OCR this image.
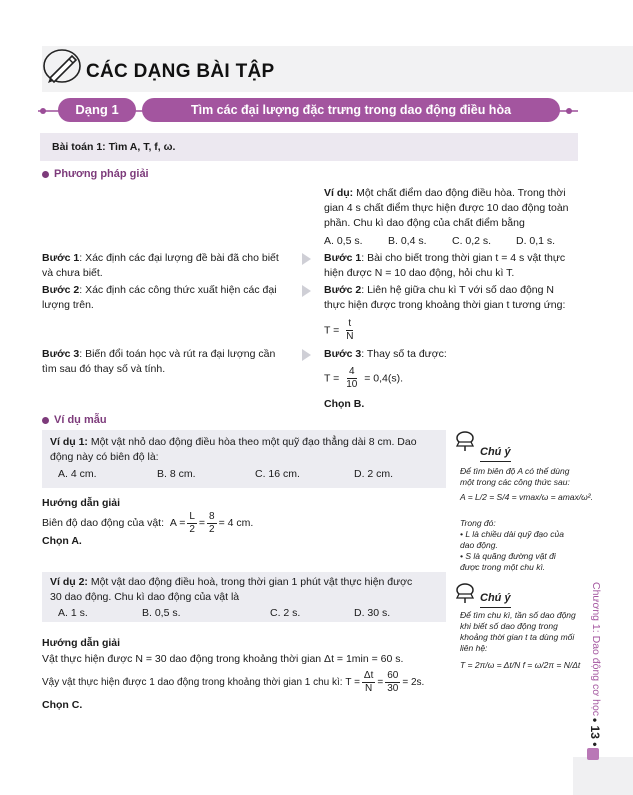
CÁC DẠNG BÀI TẬP
Dạng 1	Tìm các đại lượng đặc trưng trong dao động điều hòa
Bài toán 1: Tìm A, T, f, ω.
Phương pháp giải
Ví dụ: Một chất điểm dao động điều hòa. Trong thời
gian 4 s chất điểm thực hiện được 10 dao động toàn
phần. Chu kì dao động của chất điểm bằng
A. 0,5 s.	B. 0,4 s.	C. 0,2 s.	D. 0,1 s.
Bước 1: Xác định các đại lượng đề bài đã cho biết
và chưa biết.
Bước 1: Bài cho biết trong thời gian t = 4 s vật thực
hiện được N = 10 dao động, hỏi chu kì T.
Bước 2: Xác định các công thức xuất hiện các đại
lượng trên.
Bước 2: Liên hệ giữa chu kì T với số dao động N
thực hiện được trong khoảng thời gian t tương ứng:
$T = \frac{t}{N}$
Bước 3: Biến đổi toán học và rút ra đại lượng cần
tìm sau đó thay số và tính.
Bước 3: Thay số ta được:
$T = \frac{4}{10} = 0,4(s)$.
Chọn B.
Ví dụ mẫu
Ví dụ 1: Một vật nhỏ dao động điều hòa theo một quỹ đạo thẳng dài 8 cm. Dao
động này có biên độ là:
A. 4 cm.	B. 8 cm.	C. 16 cm.	D. 2 cm.
Hướng dẫn giải
Biên độ dao động của vật:
$A = \frac{L}{2} = \frac{8}{2} = 4$ cm.
Chọn A.
Ví dụ 2: Một vật dao động điều hoà, trong thời gian 1 phút vật thực hiện được
30 dao động. Chu kì dao động của vật là
A. 1 s.	B. 0,5 s.	C. 2 s.	D. 30 s.
Hướng dẫn giải
Vật thực hiện được N = 30 dao động trong khoảng thời gian Δt = 1min = 60 s.
Vậy vật thực hiện được 1 dao động trong khoảng thời gian 1 chu kì:
$T = \frac{\Delta t}{N} = \frac{60}{30} = 2s$.
Chọn C.
Chú ý
Để tìm biên độ A có thể dùng
một trong các công thức sau:
A = L/2 = S/4 = vmax/ω = amax/ω².
Trong đó:
• L là chiều dài quỹ đạo của
dao động.
• S là quãng đường vật đi
được trong một chu kì.
Chú ý
Để tìm chu kì, tần số dao động
khi biết số dao động trong
khoảng thời gian t ta dùng mối
liên hệ:
T = 2π/ω = Δt/N f = ω/2π = N/Δt Chương 1: Dao động cơ học
• 13 •
